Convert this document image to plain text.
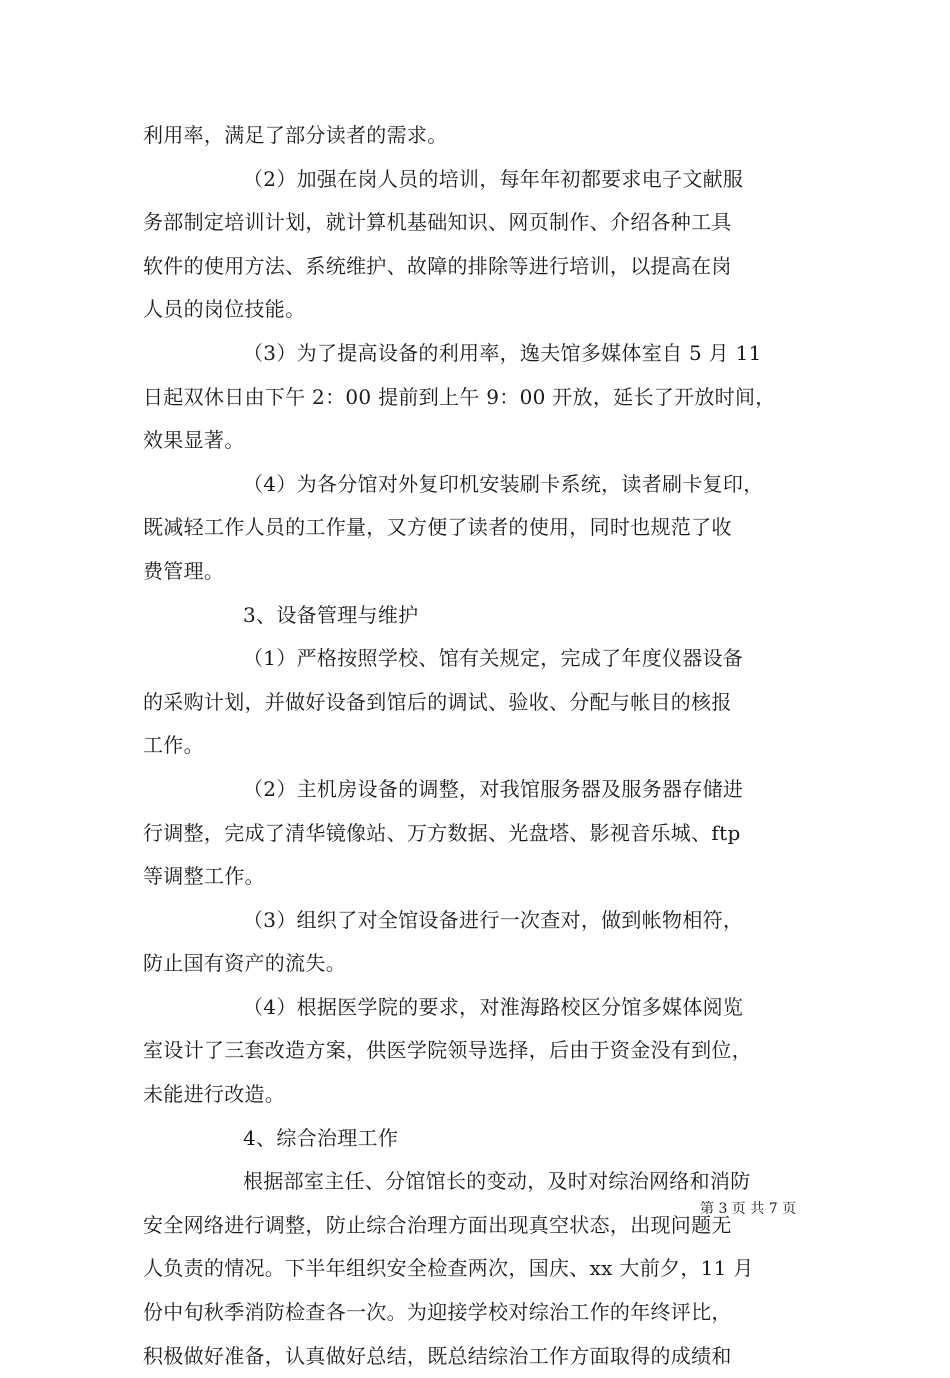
利用率，满足了部分读者的需求。
（2）加强在岗人员的培训，每年年初都要求电子文献服
务部制定培训计划，就计算机基础知识、网页制作、介绍各种工具
软件的使用方法、系统维护、故障的排除等进行培训，以提高在岗
人员的岗位技能。
（3）为了提高设备的利用率，逸夫馆多媒体室自 5 月 11
日起双休日由下午 2：00 提前到上午 9：00 开放，延长了开放时间，
效果显著。
（4）为各分馆对外复印机安装刷卡系统，读者刷卡复印，
既减轻工作人员的工作量，又方便了读者的使用，同时也规范了收
费管理。
3、设备管理与维护
（1）严格按照学校、馆有关规定，完成了年度仪器设备
的采购计划，并做好设备到馆后的调试、验收、分配与帐目的核报
工作。
（2）主机房设备的调整，对我馆服务器及服务器存储进
行调整，完成了清华镜像站、万方数据、光盘塔、影视音乐城、ftp
等调整工作。
（3）组织了对全馆设备进行一次查对，做到帐物相符，
防止国有资产的流失。
（4）根据医学院的要求，对淮海路校区分馆多媒体阅览
室设计了三套改造方案，供医学院领导选择，后由于资金没有到位，
未能进行改造。
4、综合治理工作
根据部室主任、分馆馆长的变动，及时对综治网络和消防
安全网络进行调整，防止综合治理方面出现真空状态，出现问题无
人负责的情况。下半年组织安全检查两次，国庆、xx 大前夕，11 月
份中旬秋季消防检查各一次。为迎接学校对综治工作的年终评比，
积极做好准备，认真做好总结，既总结综治工作方面取得的成绩和
第 3 页 共 7 页
